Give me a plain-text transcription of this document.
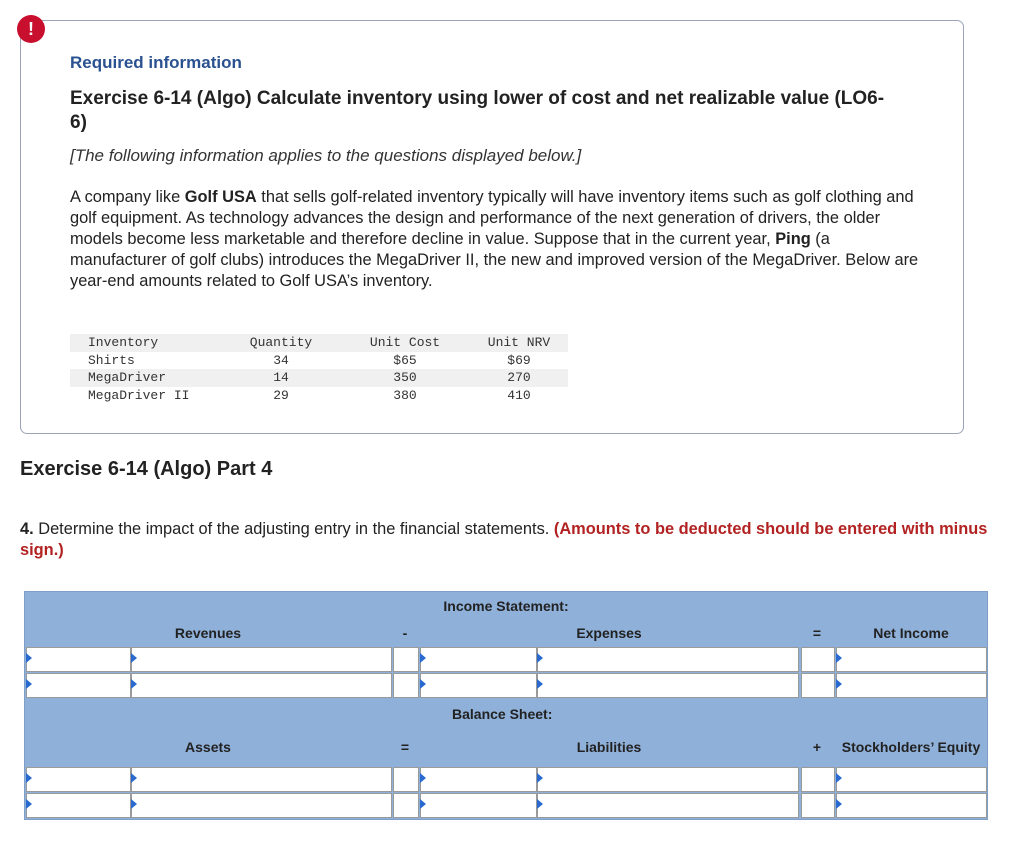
!
Required information
Exercise 6-14 (Algo) Calculate inventory using lower of cost and net realizable value (LO6-6)
[The following information applies to the questions displayed below.]
A company like Golf USA that sells golf-related inventory typically will have inventory items such as golf clothing and golf equipment. As technology advances the design and performance of the next generation of drivers, the older models become less marketable and therefore decline in value. Suppose that in the current year, Ping (a manufacturer of golf clubs) introduces the MegaDriver II, the new and improved version of the MegaDriver. Below are year-end amounts related to Golf USA’s inventory.
Inventory	Quantity	Unit Cost	Unit NRV
Shirts	34	$65	$69
MegaDriver	14	350	270
MegaDriver II	29	380	410
Exercise 6-14 (Algo) Part 4
4. Determine the impact of the adjusting entry in the financial statements. (Amounts to be deducted should be entered with minus sign.)
Income Statement:
Revenues	-	Expenses	=	Net Income
Balance Sheet:
Assets	=	Liabilities	+	Stockholders’ Equity
